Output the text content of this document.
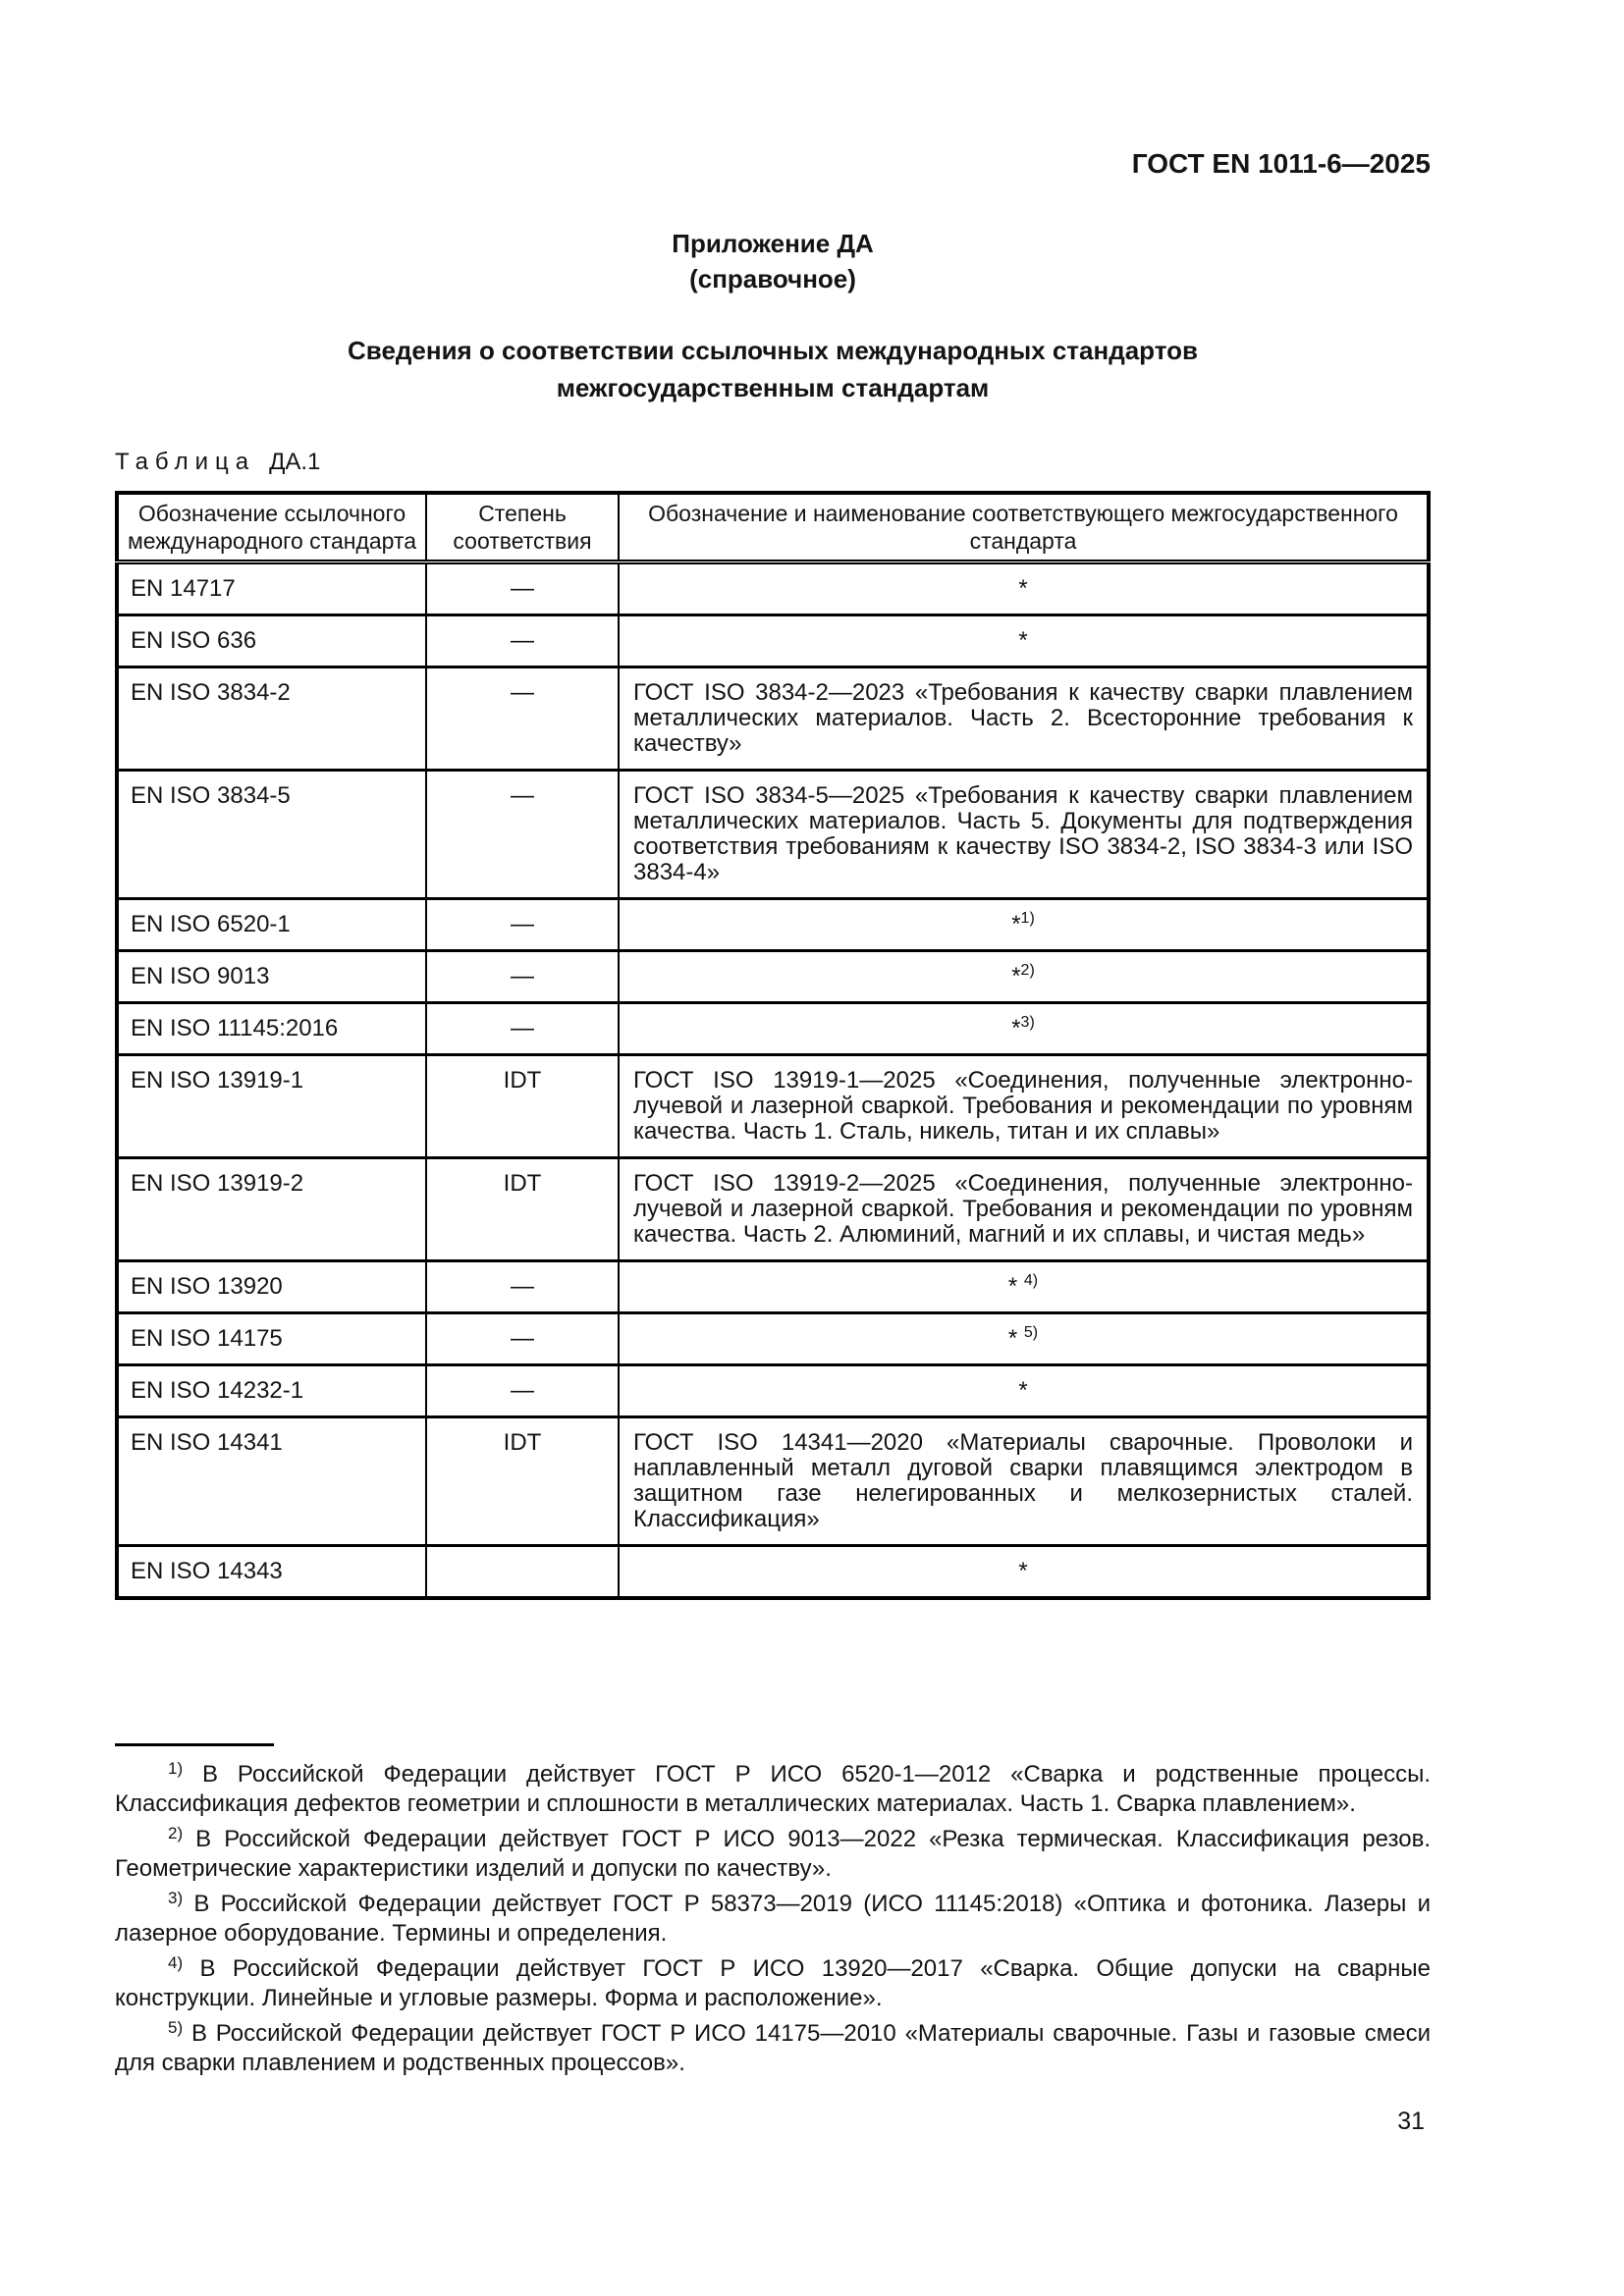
ГОСТ EN 1011-6—2025
Приложение ДА
(справочное)
Сведения о соответствии ссылочных международных стандартов
межгосударственным стандартам
Таблица ДА.1
Обозначение ссылочного международного стандарта	Степень соответствия	Обозначение и наименование соответствующего межгосударственного стандарта
EN 14717	—	*
EN ISO 636	—	*
EN ISO 3834-2	—	ГОСТ ISO 3834-2—2023 «Требования к качеству сварки плавлением металлических материалов. Часть 2. Всесторонние требования к качеству»
EN ISO 3834-5	—	ГОСТ ISO 3834-5—2025 «Требования к качеству сварки плавлением металлических материалов. Часть 5. Документы для подтверждения соответствия требованиям к качеству ISO 3834-2, ISO 3834-3 или ISO 3834-4»
EN ISO 6520-1	—	*$^{1)}$
EN ISO 9013	—	*$^{2)}$
EN ISO 11145:2016	—	*$^{3)}$
EN ISO 13919-1	IDT	ГОСТ ISO 13919-1—2025 «Соединения, полученные электронно-лучевой и лазерной сваркой. Требования и рекомендации по уровням качества. Часть 1. Сталь, никель, титан и их сплавы»
EN ISO 13919-2	IDT	ГОСТ ISO 13919-2—2025 «Соединения, полученные электронно-лучевой и лазерной сваркой. Требования и рекомендации по уровням качества. Часть 2. Алюминий, магний и их сплавы, и чистая медь»
EN ISO 13920	—	* $^{4)}$
EN ISO 14175	—	* $^{5)}$
EN ISO 14232-1	—	*
EN ISO 14341	IDT	ГОСТ ISO 14341—2020 «Материалы сварочные. Проволоки и наплавленный металл дуговой сварки плавящимся электродом в защитном газе нелегированных и мелкозернистых сталей. Классификация»
EN ISO 14343		*

$^{1)}$ В Российской Федерации действует ГОСТ Р ИСО 6520-1—2012 «Сварка и родственные процессы. Классификация дефектов геометрии и сплошности в металлических материалах. Часть 1. Сварка плавлением».

$^{2)}$ В Российской Федерации действует ГОСТ Р ИСО 9013—2022 «Резка термическая. Классификация резов. Геометрические характеристики изделий и допуски по качеству».

$^{3)}$ В Российской Федерации действует ГОСТ Р 58373—2019 (ИСО 11145:2018) «Оптика и фотоника. Лазеры и лазерное оборудование. Термины и определения.

$^{4)}$ В Российской Федерации действует ГОСТ Р ИСО 13920—2017 «Сварка. Общие допуски на сварные конструкции. Линейные и угловые размеры. Форма и расположение».

$^{5)}$ В Российской Федерации действует ГОСТ Р ИСО 14175—2010 «Материалы сварочные. Газы и газовые смеси для сварки плавлением и родственных процессов».

31
